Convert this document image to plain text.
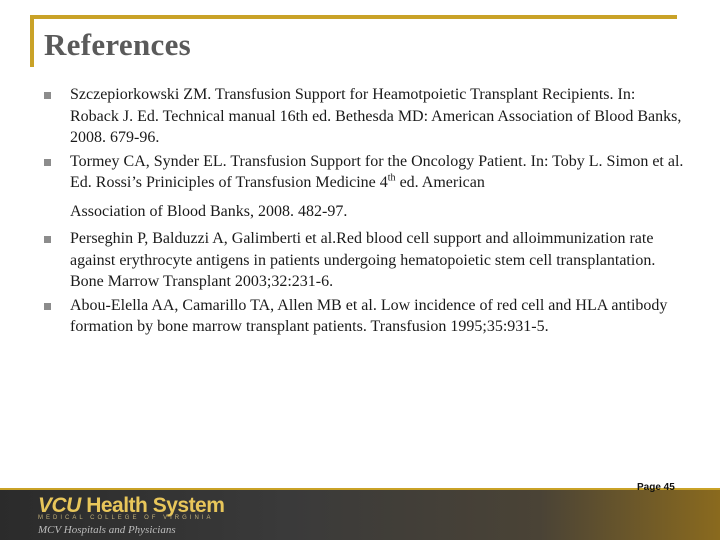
References
Szczepiorkowski ZM. Transfusion Support for Heamotpoietic Transplant Recipients. In: Roback J. Ed. Technical manual 16th ed. Bethesda MD: American Association of Blood Banks, 2008. 679-96.
Tormey CA, Synder EL. Transfusion Support for the Oncology Patient. In: Toby L. Simon et al. Ed. Rossi’s Priniciples of Transfusion Medicine 4th ed. American
Association of Blood Banks, 2008. 482-97.
Perseghin P, Balduzzi A, Galimberti et al.Red blood cell support and alloimmunization rate against erythrocyte antigens in patients undergoing hematopoietic stem cell transplantation. Bone Marrow Transplant 2003;32:231-6.
Abou-Elella AA, Camarillo TA, Allen MB et al. Low incidence of red cell and HLA antibody formation by bone marrow transplant patients. Transfusion 1995;35:931-5.
VCU Health System
MEDICAL COLLEGE OF VIRGINIA
MCV Hospitals and Physicians
Page 45
